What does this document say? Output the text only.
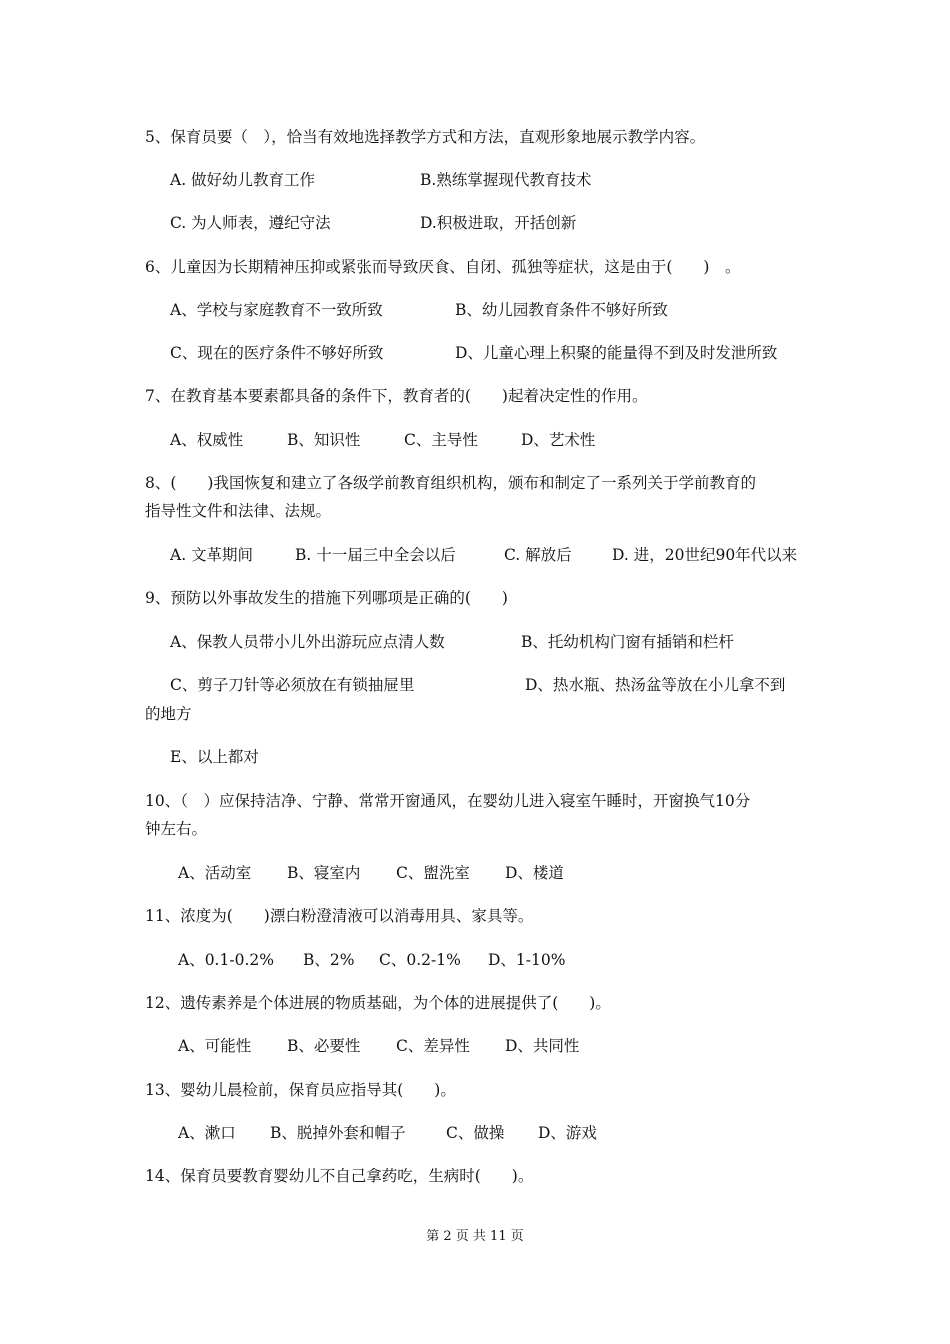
5、保育员要（　），恰当有效地选择教学方式和方法，直观形象地展示教学内容。
A. 做好幼儿教育工作	B.熟练掌握现代教育技术
C. 为人师表，遵纪守法	D.积极进取，开括创新
6、儿童因为长期精神压抑或紧张而导致厌食、自闭、孤独等症状，这是由于(　　)　。
A、学校与家庭教育不一致所致	B、幼儿园教育条件不够好所致
C、现在的医疗条件不够好所致	D、儿童心理上积聚的能量得不到及时发泄所致
7、在教育基本要素都具备的条件下，教育者的(　　)起着决定性的作用。
A、权威性	B、知识性	C、主导性	D、艺术性
8、(　　)我国恢复和建立了各级学前教育组织机构，颁布和制定了一系列关于学前教育的
指导性文件和法律、法规。
A. 文革期间	B. 十一届三中全会以后	C. 解放后	D. 进，20世纪90年代以来
9、预防以外事故发生的措施下列哪项是正确的(　　)
A、保教人员带小儿外出游玩应点清人数	B、托幼机构门窗有插销和栏杆
C、剪子刀针等必须放在有锁抽屉里	D、热水瓶、热汤盆等放在小儿拿不到
的地方
E、以上都对
10、（　）应保持洁净、宁静、常常开窗通风，在婴幼儿进入寝室午睡时，开窗换气10分
钟左右。
A、活动室 B、寝室内 C、盥洗室 D、楼道
11、浓度为(　　)漂白粉澄清液可以消毒用具、家具等。
A、0.1-0.2% B、2% C、0.2-1% D、1-10%
12、遗传素养是个体进展的物质基础，为个体的进展提供了(　　)。
A、可能性 B、必要性 C、差异性 D、共同性
13、婴幼儿晨检前，保育员应指导其(　　)。
A、漱口 B、脱掉外套和帽子	C、做操 D、游戏
14、保育员要教育婴幼儿不自己拿药吃，生病时(　　)。
第 2 页 共 11 页
